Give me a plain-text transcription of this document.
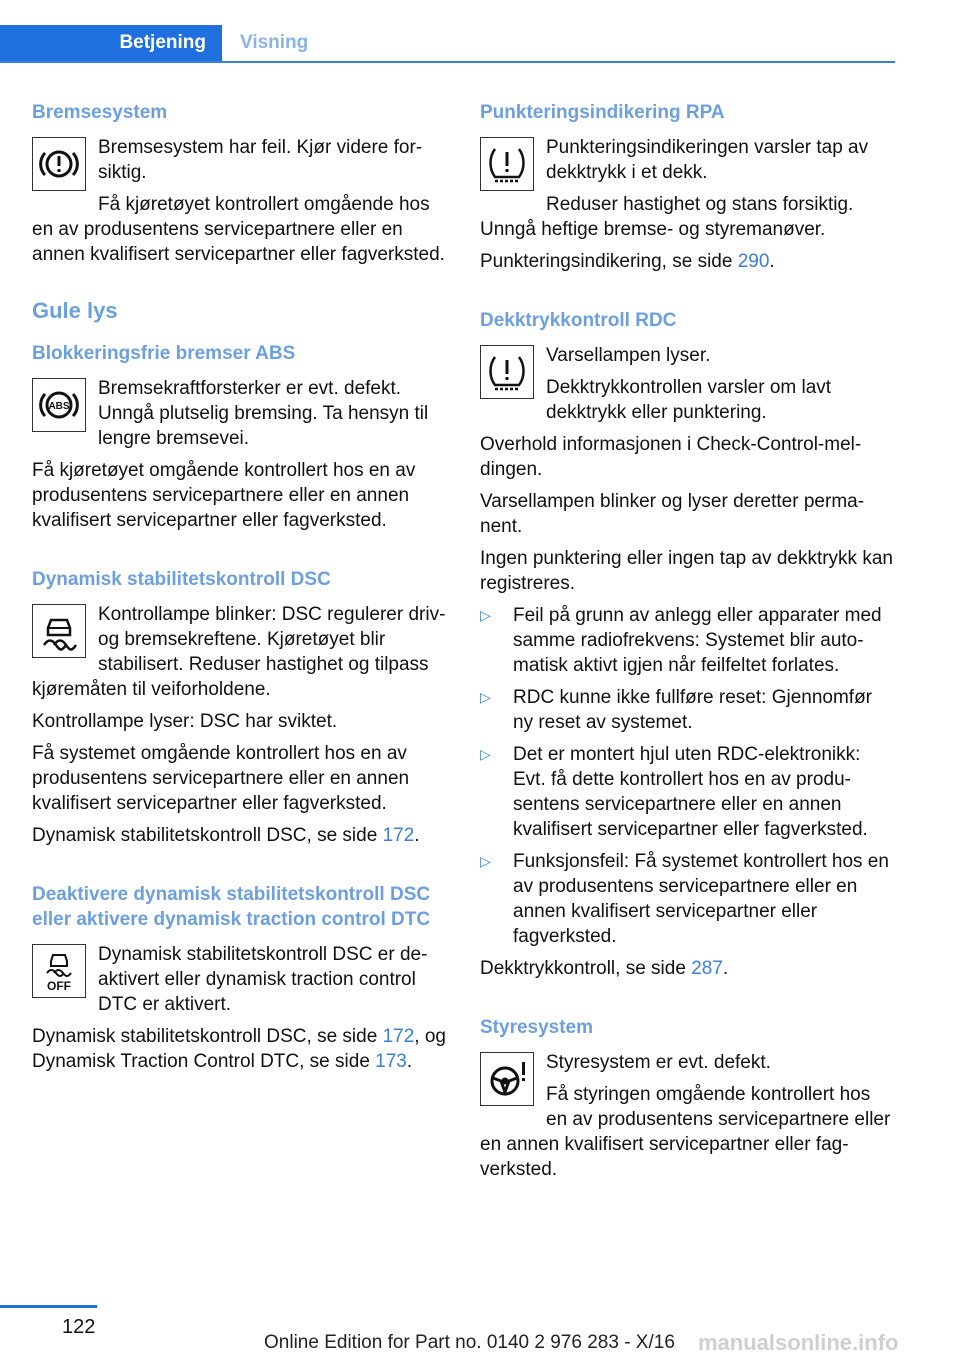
Betjening	Visning
Bremsesystem

Bremsesystem har feil. Kjør videre forsiktig.

Få kjøretøyet kontrollert omgående hos en av produsentens servicepartnere eller en annen kvalifisert servicepartner eller fagverksted.

Gule lys
Blokkeringsfrie bremser ABS
ABS

Bremsekraftforsterker er evt. defekt. Unngå plutselig bremsing. Ta hensyn til lengre bremsevei.

Få kjøretøyet omgående kontrollert hos en av produsentens servicepartnere eller en annen kvalifisert servicepartner eller fagverksted.

Dynamisk stabilitetskontroll DSC

Kontrollampe blinker: DSC regulerer driv- og bremsekreftene. Kjøretøyet blir stabilisert. Reduser hastighet og tilpass kjøremåten til veiforholdene.

Kontrollampe lyser: DSC har sviktet.

Få systemet omgående kontrollert hos en av produsentens servicepartnere eller en annen kvalifisert servicepartner eller fagverksted.

Dynamisk stabilitetskontroll DSC, se side 172.

Deaktivere dynamisk stabilitetskontroll DSC eller aktivere dynamisk traction control DTC
OFF

Dynamisk stabilitetskontroll DSC er deaktivert eller dynamisk traction control DTC er aktivert.

Dynamisk stabilitetskontroll DSC, se side 172, og Dynamisk Traction Control DTC, se side 173.

Punkteringsindikering RPA

Punkteringsindikeringen varsler tap av dekktrykk i et dekk.

Reduser hastighet og stans forsiktig. Unngå heftige bremse- og styremanøver.

Punkteringsindikering, se side 290.

Dekktrykkontroll RDC

Varsellampen lyser.

Dekktrykkontrollen varsler om lavt dekktrykk eller punktering.

Overhold informasjonen i Check-Control-meldingen.

Varsellampen blinker og lyser deretter permanent.

Ingen punktering eller ingen tap av dekktrykk kan registreres.

▷ Feil på grunn av anlegg eller apparater med samme radiofrekvens: Systemet blir automatisk aktivt igjen når feilfeltet forlates.
▷ RDC kunne ikke fullføre reset: Gjennomfør ny reset av systemet.
▷ Det er montert hjul uten RDC-elektronikk: Evt. få dette kontrollert hos en av produsentens servicepartnere eller en annen kvalifisert servicepartner eller fagverksted.
▷ Funksjonsfeil: Få systemet kontrollert hos en av produsentens servicepartnere eller en annen kvalifisert servicepartner eller fagverksted.

Dekktrykkontroll, se side 287.

Styresystem

Styresystem er evt. defekt.

Få styringen omgående kontrollert hos en av produsentens servicepartnere eller en annen kvalifisert servicepartner eller fagverksted.

122
Online Edition for Part no. 0140 2 976 283 - X/16 manualsonline.info
